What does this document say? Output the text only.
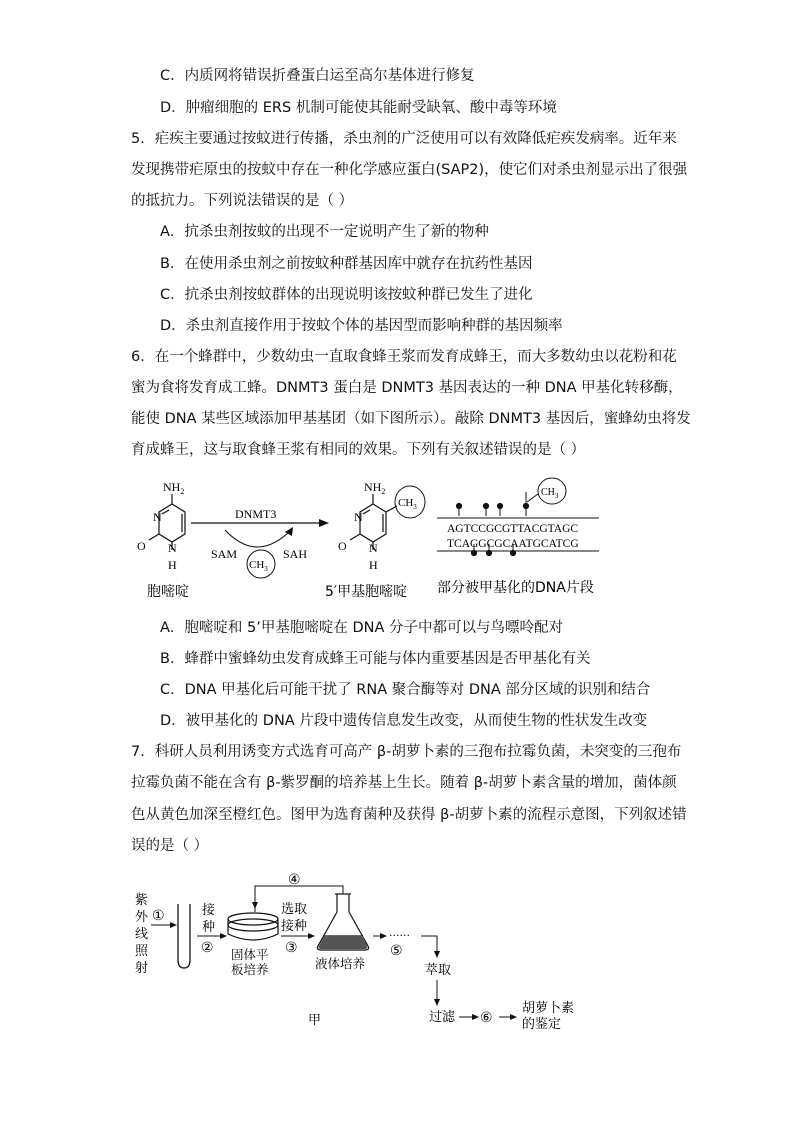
C．内质网将错误折叠蛋白运至高尔基体进行修复
D．肿瘤细胞的 ERS 机制可能使其能耐受缺氧、酸中毒等环境
5．疟疾主要通过按蚊进行传播，杀虫剂的广泛使用可以有效降低疟疾发病率。近年来
发现携带疟原虫的按蚊中存在一种化学感应蛋白(SAP2)，使它们对杀虫剂显示出了很强
的抵抗力。下列说法错误的是（ ）
A．抗杀虫剂按蚊的出现不一定说明产生了新的物种
B．在使用杀虫剂之前按蚊种群基因库中就存在抗药性基因
C．抗杀虫剂按蚊群体的出现说明该按蚊种群已发生了进化
D．杀虫剂直接作用于按蚊个体的基因型而影响种群的基因频率
6．在一个蜂群中，少数幼虫一直取食蜂王浆而发育成蜂王，而大多数幼虫以花粉和花
蜜为食将发育成工蜂。DNMT3 蛋白是 DNMT3 基因表达的一种 DNA 甲基化转移酶，
能使 DNA 某些区域添加甲基基团（如下图所示）。敲除 DNMT3 基因后，蜜蜂幼虫将发
育成蜂王，这与取食蜂王浆有相同的效果。下列有关叙述错误的是（ ）
$NH_2$
N
N
O
H
DNMT3
SAM	SAH
$CH_3$
$NH_2$
N
N
O
H
$CH_3$
$CH_3$
AGTCCGCGTTACGTAGC
TCAGGCGCAATGCATCG
胞嘧啶	5′甲基胞嘧啶 部分被甲基化的DNA片段
A．胞嘧啶和 5’甲基胞嘧啶在 DNA 分子中都可以与鸟嘌呤配对
B．蜂群中蜜蜂幼虫发育成蜂王可能与体内重要基因是否甲基化有关
C．DNA 甲基化后可能干扰了 RNA 聚合酶等对 DNA 部分区域的识别和结合
D．被甲基化的 DNA 片段中遗传信息发生改变，从而使生物的性状发生改变
7．科研人员利用诱变方式选育可高产 β-胡萝卜素的三孢布拉霉负菌，未突变的三孢布
拉霉负菌不能在含有 β-紫罗酮的培养基上生长。随着 β-胡萝卜素含量的增加，菌体颜
色从黄色加深至橙红色。图甲为选育菌种及获得 β-胡萝卜素的流程示意图，下列叙述错
误的是（ ）
紫
外
线
照
射
①	接
种
② 固体平
板培养
选取
接种
③
④
液体培养
······
⑤
萃取
过滤 ⑥
胡萝卜素
的鉴定
甲
